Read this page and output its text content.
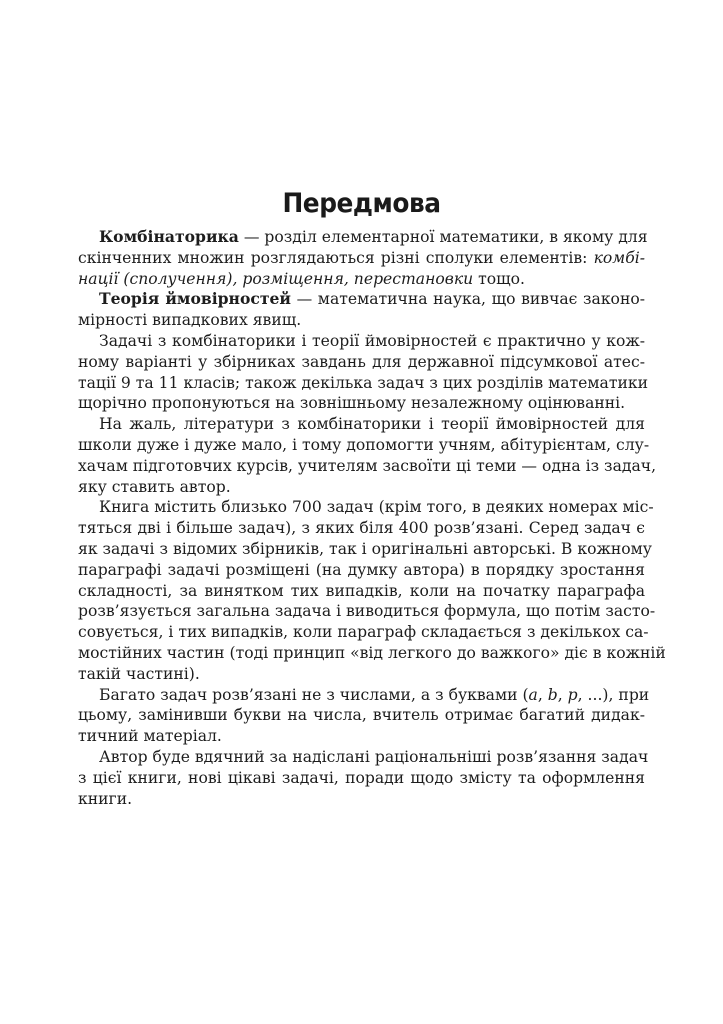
Передмова
Комбінаторика — розділ елементарної математики, в якому для
скінченних множин розглядаються різні сполуки елементів: комбі-
нації (сполучення), розміщення, перестановки тощо.
Теорія ймовірностей — математична наука, що вивчає законо-
мірності випадкових явищ.
Задачі з комбінаторики і теорії ймовірностей є практично у кож-
ному варіанті у збірниках завдань для державної підсумкової атес-
тації 9 та 11 класів; також декілька задач з цих розділів математики
щорічно пропонуються на зовнішньому незалежному оцінюванні.
На жаль, літератури з комбінаторики і теорії ймовірностей для
школи дуже і дуже мало, і тому допомогти учням, абітурієнтам, слу-
хачам підготовчих курсів, учителям засвоїти ці теми — одна із задач,
яку ставить автор.
Книга містить близько 700 задач (крім того, в деяких номерах міс-
тяться дві і більше задач), з яких біля 400 розв’язані. Серед задач є
як задачі з відомих збірників, так і оригінальні авторські. В кожному
параграфі задачі розміщені (на думку автора) в порядку зростання
складності, за винятком тих випадків, коли на початку параграфа
розв’язується загальна задача і виводиться формула, що потім засто-
совується, і тих випадків, коли параграф складається з декількох са-
мостійних частин (тоді принцип «від легкого до важкого» діє в кожній
такій частині).
Багато задач розв’язані не з числами, а з буквами (a, b, p, ...), при
цьому, замінивши букви на числа, вчитель отримає багатий дидак-
тичний матеріал.
Автор буде вдячний за надіслані раціональніші розв’язання задач
з цієї книги, нові цікаві задачі, поради щодо змісту та оформлення
книги.
